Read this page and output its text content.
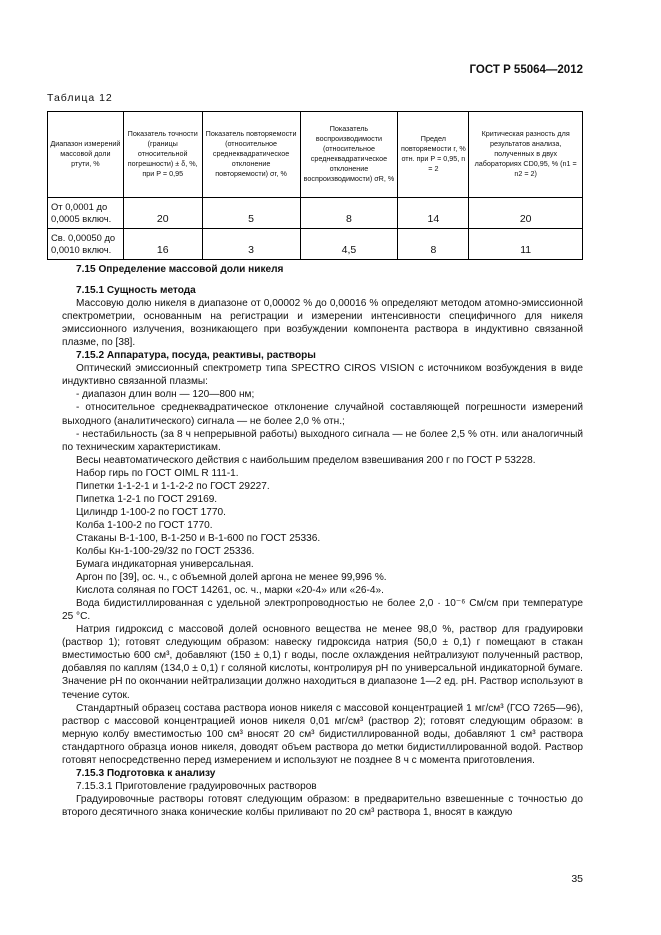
ГОСТ Р 55064—2012
Таблица 12

Диапазон измерений массовой доли ртути, %	Показатель точности (границы относительной погрешности) ± δ, %, при P = 0,95	Показатель повторяемости (относительное среднеквадратическое отклонение повторяемости) σr, %	Показатель воспроизводимости (относительное среднеквадратическое отклонение воспроизводимости) σR, %	Предел повторяемости r, % отн. при P = 0,95, n = 2	Критическая разность для результатов анализа, полученных в двух лабораториях CD0,95, % (n1 = n2 = 2)
От 0,0001 до 0,0005 включ.	20	5	8	14	20
Св. 0,00050 до 0,0010 включ.	16	3	4,5	8	11

7.15 Определение массовой доли никеля

7.15.1 Сущность метода

Массовую долю никеля в диапазоне от 0,00002 % до 0,00016 % определяют методом атомно-эмиссионной спектрометрии, основанным на регистрации и измерении интенсивности специфичного для никеля эмиссионного излучения, возникающего при возбуждении компонента раствора в индуктивно связанной плазме, по [38].

7.15.2 Аппаратура, посуда, реактивы, растворы

Оптический эмиссионный спектрометр типа SPECTRO CIROS VISION с источником возбуждения в виде индуктивно связанной плазмы:

- диапазон длин волн — 120—800 нм;

- относительное среднеквадратическое отклонение случайной составляющей погрешности измерений выходного (аналитического) сигнала — не более 2,0 % отн.;

- нестабильность (за 8 ч непрерывной работы) выходного сигнала — не более 2,5 % отн. или аналогичный по техническим характеристикам.

Весы неавтоматического действия с наибольшим пределом взвешивания 200 г по ГОСТ Р 53228.

Набор гирь по ГОСТ OIML R 111-1.

Пипетки 1-1-2-1 и 1-1-2-2 по ГОСТ 29227.

Пипетка 1-2-1 по ГОСТ 29169.

Цилиндр 1-100-2 по ГОСТ 1770.

Колба 1-100-2 по ГОСТ 1770.

Стаканы В-1-100, В-1-250 и В-1-600 по ГОСТ 25336.

Колбы Кн-1-100-29/32 по ГОСТ 25336.

Бумага индикаторная универсальная.

Аргон по [39], ос. ч., с объемной долей аргона не менее 99,996 %.

Кислота соляная по ГОСТ 14261, ос. ч., марки «20-4» или «26-4».

Вода бидистиллированная с удельной электропроводностью не более 2,0 · 10⁻⁶ См/см при температуре 25 °C.

Натрия гидроксид с массовой долей основного вещества не менее 98,0 %, раствор для градуировки (раствор 1); готовят следующим образом: навеску гидроксида натрия (50,0 ± 0,1) г помещают в стакан вместимостью 600 см³, добавляют (150 ± 0,1) г воды, после охлаждения нейтрализуют полученный раствор, добавляя по каплям (134,0 ± 0,1) г соляной кислоты, контролируя pH по универсальной индикаторной бумаге. Значение pH по окончании нейтрализации должно находиться в диапазоне 1—2 ед. pH. Раствор используют в течение суток.

Стандартный образец состава раствора ионов никеля с массовой концентрацией 1 мг/см³ (ГСО 7265—96), раствор с массовой концентрацией ионов никеля 0,01 мг/см³ (раствор 2); готовят следующим образом: в мерную колбу вместимостью 100 см³ вносят 20 см³ бидистиллированной воды, добавляют 1 см³ раствора стандартного образца ионов никеля, доводят объем раствора до метки бидистиллированной водой. Раствор готовят непосредственно перед измерением и используют не позднее 8 ч с момента приготовления.

7.15.3 Подготовка к анализу

7.15.3.1 Приготовление градуировочных растворов

Градуировочные растворы готовят следующим образом: в предварительно взвешенные с точностью до второго десятичного знака конические колбы приливают по 20 см³ раствора 1, вносят в каждую

35
